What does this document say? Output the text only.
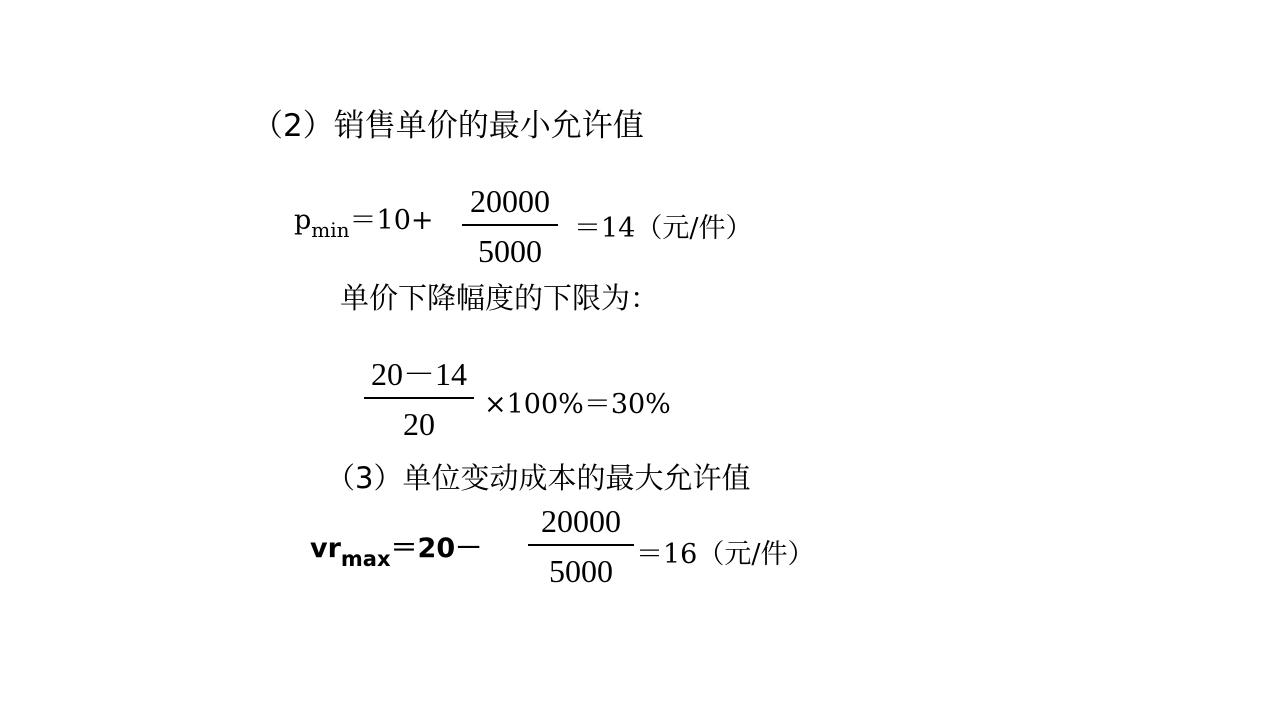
（2）销售单价的最小允许值
$p_{min}=10+$
20000
5000
＝14（元/件）
单价下降幅度的下限为：
20－14
20
×100%＝30%
（3）单位变动成本的最大允许值
$vr_{max}=20-$
20000
5000 ＝16（元/件）
